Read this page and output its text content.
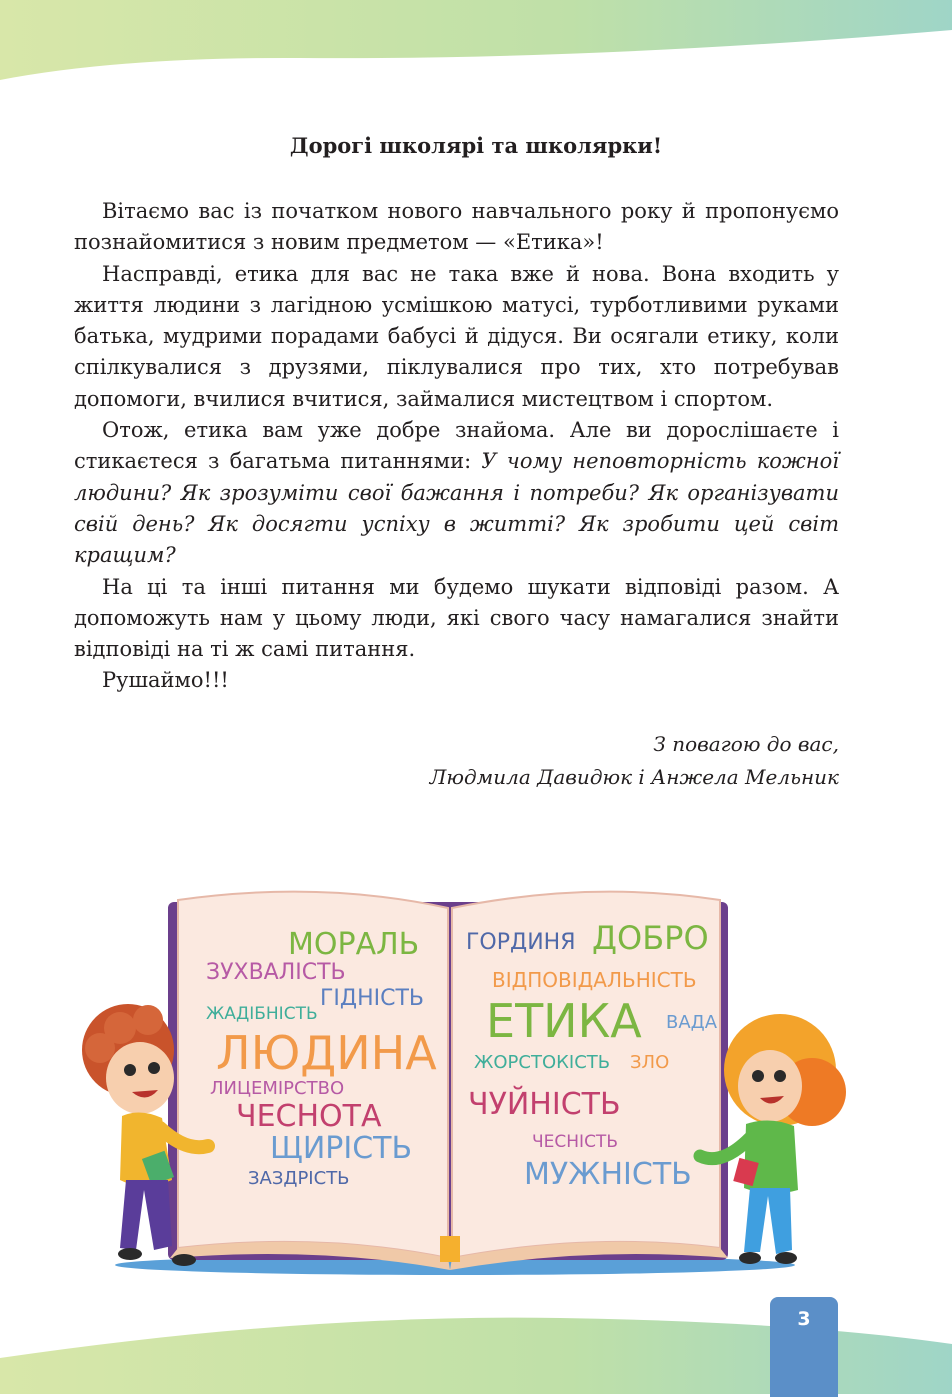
Дорогі школярі та школярки!

Вітаємо вас із початком нового навчального року й пропонуємо познайомитися з новим предметом — «Етика»!

Насправді, етика для вас не така вже й нова. Вона входить у життя людини з лагідною усмішкою матусі, турботливими руками батька, мудрими порадами бабусі й дідуся. Ви осягали етику, коли спілкувалися з друзями, піклувалися про тих, хто потребував допомоги, вчилися вчитися, займалися мистецтвом і спортом.

Отож, етика вам уже добре знайома. Але ви дорослішаєте і стикаєтеся з багатьма питаннями: У чому неповторність кожної людини? Як зрозуміти свої бажання і потреби? Як організувати свій день? Як досягти успіху в житті? Як зробити цей світ кращим?

На ці та інші питання ми будемо шукати відповіді разом. А допоможуть нам у цьому люди, які свого часу намагалися знайти відповіді на ті ж самі питання.

Рушаймо!!!

З повагою до вас,
Людмила Давидюк і Анжела Мельник
МОРАЛЬ
ЗУХВАЛІСТЬ
ГІДНІСТЬ
ЖАДІБНІСТЬ
ЛЮДИНА
ЛИЦЕМІРСТВО
ЧЕСНОТА
ЩИРІСТЬ
ЗАЗДРІСТЬ
ГОРДИНЯ ДОБРО
ВІДПОВІДАЛЬНІСТЬ
ЕТИКА ВАДА
ЖОРСТОКІСТЬ ЗЛО
ЧУЙНІСТЬ
ЧЕСНІСТЬ
МУЖНІСТЬ
3
